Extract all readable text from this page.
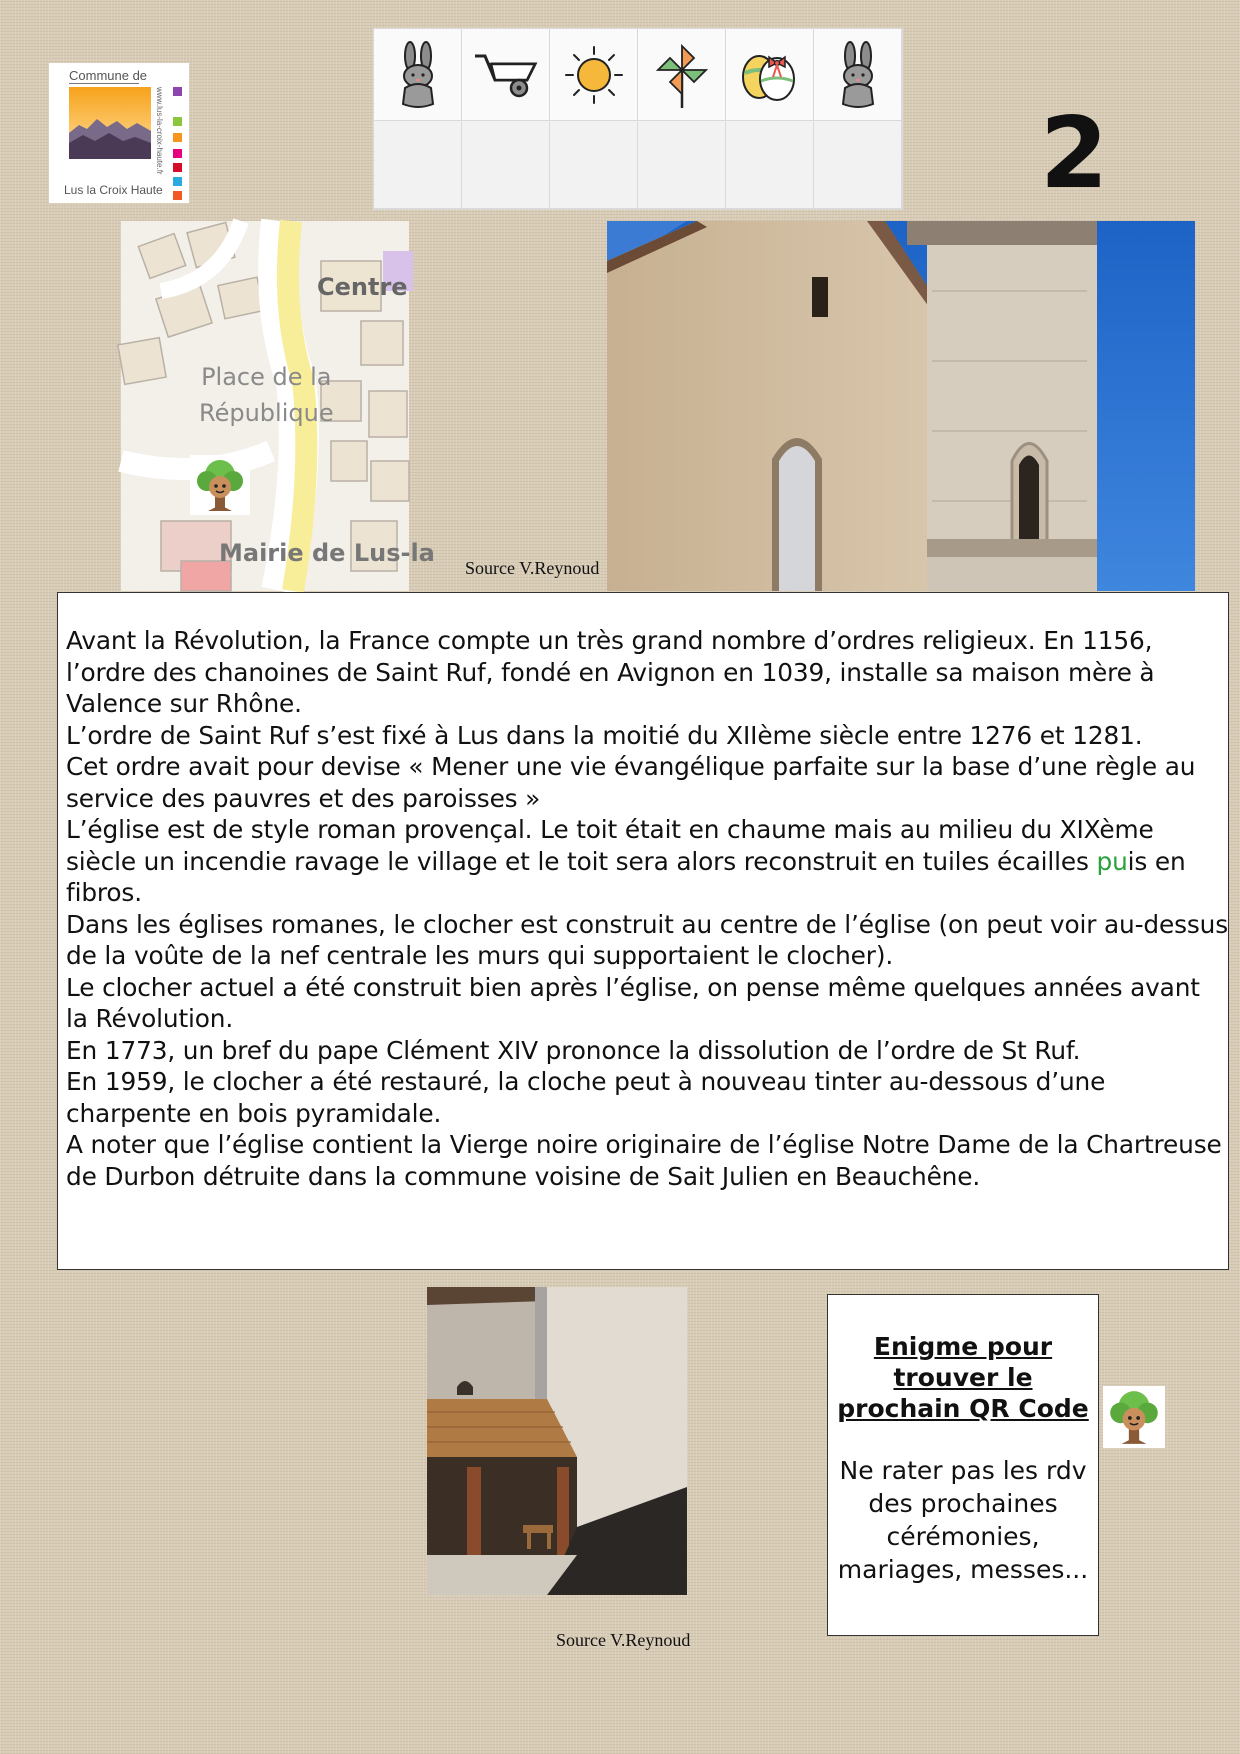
Commune de
www.lus-la-croix-haute.fr
Lus la Croix Haute	2
Centre
Place de la
République
Mairie de Lus-la
Source V.Reynoud

Avant la Révolution, la France compte un très grand nombre d’ordres religieux. En 1156, l’ordre des chanoines de Saint Ruf, fondé en Avignon en 1039, installe sa maison mère à Valence sur Rhône.

L’ordre de Saint Ruf s’est fixé à Lus dans la moitié du XIIème siècle entre 1276 et 1281.

Cet ordre avait pour devise « Mener une vie évangélique parfaite sur la base d’une règle au service des pauvres et des paroisses »

L’église est de style roman provençal. Le toit était en chaume mais au milieu du XIXème siècle un incendie ravage le village et le toit sera alors reconstruit en tuiles écailles puis en fibros.

Dans les églises romanes, le clocher est construit au centre de l’église (on peut voir au-dessus de la voûte de la nef centrale les murs qui supportaient le clocher).

Le clocher actuel a été construit bien après l’église, on pense même quelques années avant la Révolution.

En 1773, un bref du pape Clément XIV prononce la dissolution de l’ordre de St Ruf.

En 1959, le clocher a été restauré, la cloche peut à nouveau tinter au-dessous d’une charpente en bois pyramidale.

A noter que l’église contient la Vierge noire originaire de l’église Notre Dame de la Chartreuse de Durbon détruite dans la commune voisine de Sait Julien en Beauchêne.

Enigme pour trouver le prochain QR Code
Ne rater pas les rdv des prochaines cérémonies, mariages, messes...
Source V.Reynoud
